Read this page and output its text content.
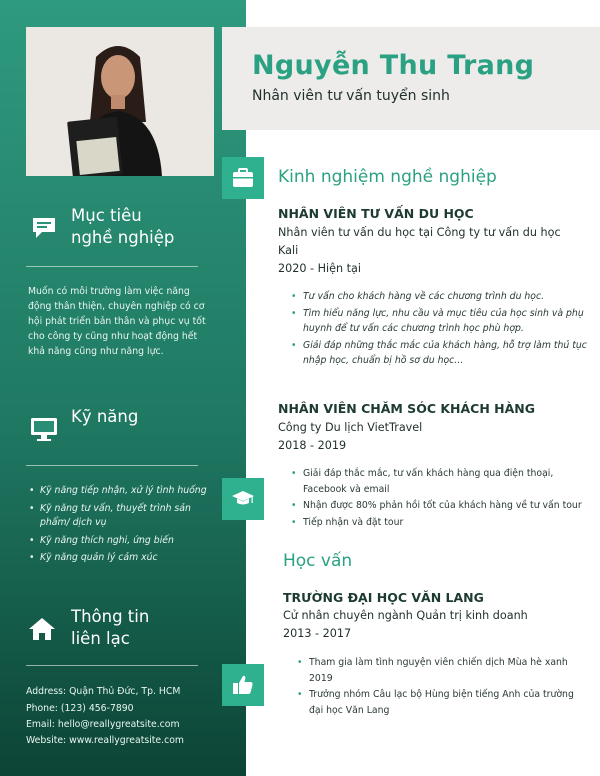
Mục tiêu
nghề nghiệp
Muốn có môi trường làm việc năng động thân thiện, chuyên nghiệp có cơ hội phát triển bản thân và phục vụ tốt cho công ty cũng như hoạt động hết khả năng cũng như năng lực.
Kỹ năng
• Kỹ năng tiếp nhận, xử lý tình huống
• Kỹ năng tư vấn, thuyết trình sản phẩm/ dịch vụ
• Kỹ năng thích nghi, ứng biến
• Kỹ năng quản lý cảm xúc
Thông tin
liên lạc
Address: Quận Thủ Đức, Tp. HCM
Phone: (123) 456-7890
Email: hello@reallygreatsite.com
Website: www.reallygreatsite.com
Nguyễn Thu Trang
Nhân viên tư vấn tuyển sinh
Kinh nghiệm nghề nghiệp
NHÂN VIÊN TƯ VẤN DU HỌC
Nhân viên tư vấn du học tại Công ty tư vấn du học Kali
2020 - Hiện tại
• Tư vấn cho khách hàng về các chương trình du học.
• Tìm hiểu năng lực, nhu cầu và mục tiêu của học sinh và phụ huynh để tư vấn các chương trình học phù hợp.
• Giải đáp những thắc mắc của khách hàng, hỗ trợ làm thủ tục nhập học, chuẩn bị hồ sơ du học...
NHÂN VIÊN CHĂM SÓC KHÁCH HÀNG
Công ty Du lịch VietTravel
2018 - 2019
• Giải đáp thắc mắc, tư vấn khách hàng qua điện thoại, Facebook và email
• Nhận được 80% phản hồi tốt của khách hàng về tư vấn tour
• Tiếp nhận và đặt tour
Học vấn
TRƯỜNG ĐẠI HỌC VĂN LANG
Cử nhân chuyên ngành Quản trị kinh doanh
2013 - 2017
• Tham gia làm tình nguyện viên chiến dịch Mùa hè xanh 2019
• Trưởng nhóm Câu lạc bộ Hùng biện tiếng Anh của trường đại học Văn Lang
